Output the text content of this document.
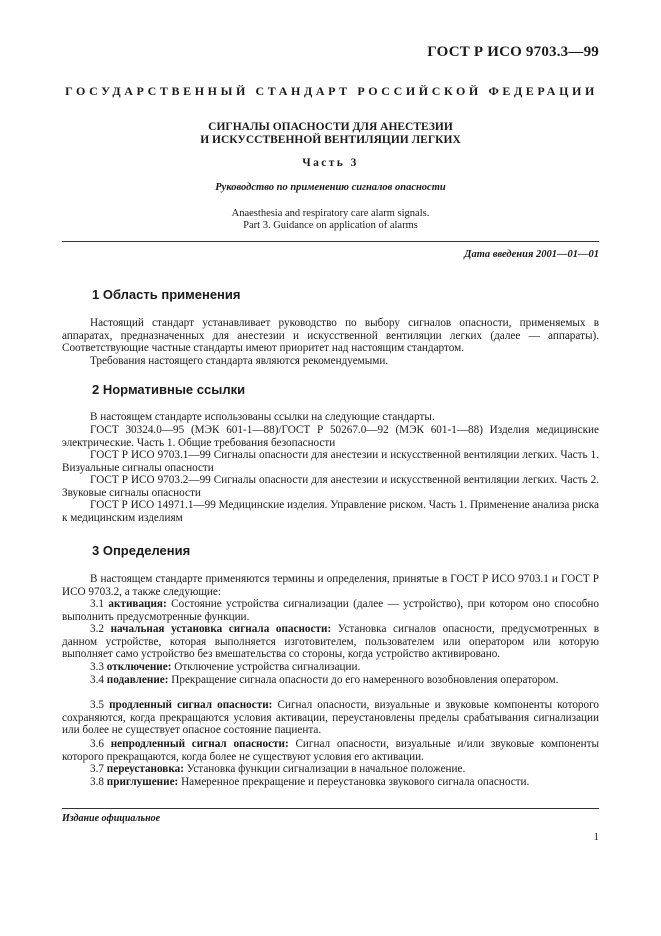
ГОСТ Р ИСО 9703.3—99
ГОСУДАРСТВЕННЫЙ СТАНДАРТ РОССИЙСКОЙ ФЕДЕРАЦИИ
СИГНАЛЫ ОПАСНОСТИ ДЛЯ АНЕСТЕЗИИ
И ИСКУССТВЕННОЙ ВЕНТИЛЯЦИИ ЛЕГКИХ
Часть 3
Руководство по применению сигналов опасности
Anaesthesia and respiratory care alarm signals.
Part 3. Guidance on application of alarms
Дата введения 2001—01—01
1 Область применения
Настоящий стандарт устанавливает руководство по выбору сигналов опасности, применяемых в аппаратах, предназначенных для анестезии и искусственной вентиляции легких (далее — аппараты). Соответствующие частные стандарты имеют приоритет над настоящим стандартом.
Требования настоящего стандарта являются рекомендуемыми.
2 Нормативные ссылки
В настоящем стандарте использованы ссылки на следующие стандарты.
ГОСТ 30324.0—95 (МЭК 601-1—88)/ГОСТ Р 50267.0—92 (МЭК 601-1—88) Изделия медицинские электрические. Часть 1. Общие требования безопасности
ГОСТ Р ИСО 9703.1—99 Сигналы опасности для анестезии и искусственной вентиляции легких. Часть 1. Визуальные сигналы опасности
ГОСТ Р ИСО 9703.2—99 Сигналы опасности для анестезии и искусственной вентиляции легких. Часть 2. Звуковые сигналы опасности
ГОСТ Р ИСО 14971.1—99 Медицинские изделия. Управление риском. Часть 1. Применение анализа риска к медицинским изделиям
3 Определения
В настоящем стандарте применяются термины и определения, принятые в ГОСТ Р ИСО 9703.1 и ГОСТ Р ИСО 9703.2, а также следующие:
3.1 активация: Состояние устройства сигнализации (далее — устройство), при котором оно способно выполнить предусмотренные функции.
3.2 начальная установка сигнала опасности: Установка сигналов опасности, предусмотренных в данном устройстве, которая выполняется изготовителем, пользователем или оператором или которую выполняет само устройство без вмешательства со стороны, когда устройство активировано.
3.3 отключение: Отключение устройства сигнализации.
3.4 подавление: Прекращение сигнала опасности до его намеренного возобновления оператором.
3.5 продленный сигнал опасности: Сигнал опасности, визуальные и звуковые компоненты которого сохраняются, когда прекращаются условия активации, переустановлены пределы срабатывания сигнализации или более не существует опасное состояние пациента.
3.6 непродленный сигнал опасности: Сигнал опасности, визуальные и/или звуковые компоненты которого прекращаются, когда более не существуют условия его активации.
3.7 переустановка: Установка функции сигнализации в начальное положение.
3.8 приглушение: Намеренное прекращение и переустановка звукового сигнала опасности.
Издание официальное
1
